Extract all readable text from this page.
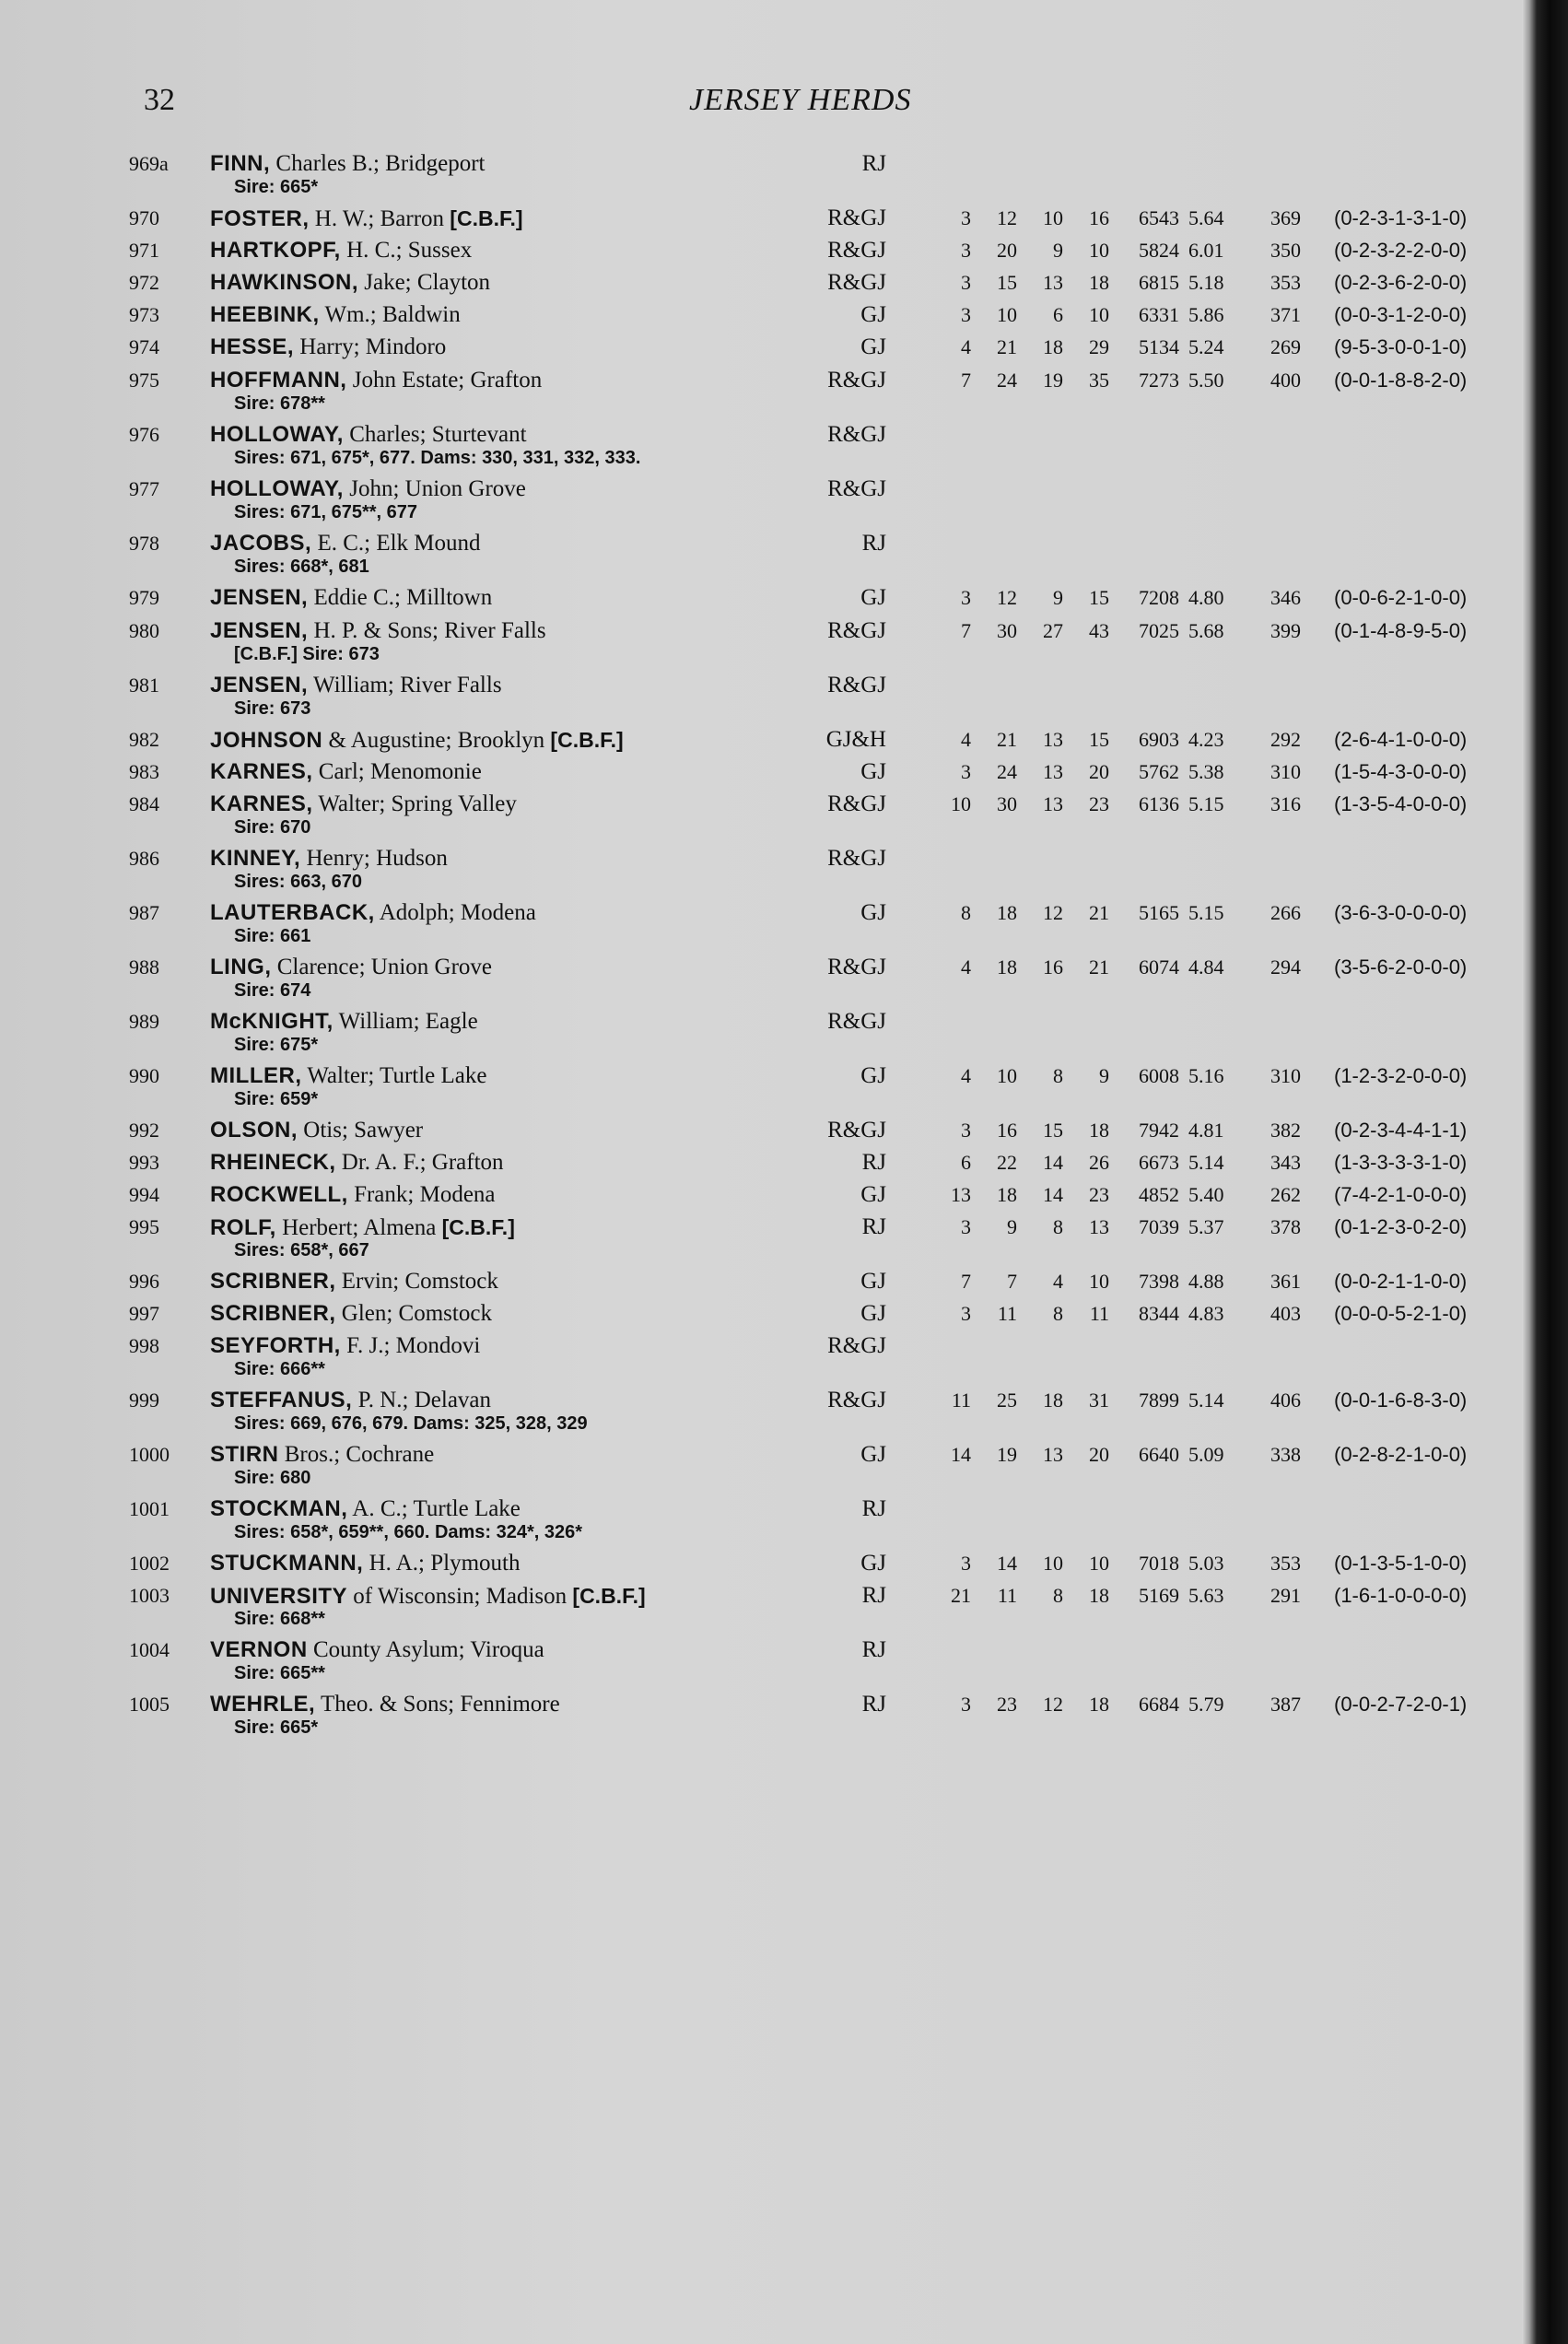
32	JERSEY HERDS
969a	FINN, Charles B.; Bridgeport	RJ
Sire: 665*
970	FOSTER, H. W.; Barron [C.B.F.]	R&GJ	3	12	10	16	6543 5.64	369 (0-2-3-1-3-1-0)
971	HARTKOPF, H. C.; Sussex	R&GJ	3	20	9	10	5824 6.01	350 (0-2-3-2-2-0-0)
972	HAWKINSON, Jake; Clayton	R&GJ	3	15	13	18	6815 5.18	353 (0-2-3-6-2-0-0)
973	HEEBINK, Wm.; Baldwin	GJ	3	10	6	10	6331 5.86	371 (0-0-3-1-2-0-0)
974	HESSE, Harry; Mindoro	GJ	4	21	18	29	5134 5.24	269 (9-5-3-0-0-1-0)
975	HOFFMANN, John Estate; Grafton	R&GJ	7	24	19	35	7273 5.50	400 (0-0-1-8-8-2-0)
Sire: 678**
976	HOLLOWAY, Charles; Sturtevant	R&GJ
Sires: 671, 675*, 677. Dams: 330, 331, 332, 333.
977	HOLLOWAY, John; Union Grove	R&GJ
Sires: 671, 675**, 677
978	JACOBS, E. C.; Elk Mound	RJ
Sires: 668*, 681
979	JENSEN, Eddie C.; Milltown	GJ	3	12	9	15	7208 4.80	346 (0-0-6-2-1-0-0)
980	JENSEN, H. P. & Sons; River Falls	R&GJ	7	30	27	43	7025 5.68	399 (0-1-4-8-9-5-0)
[C.B.F.] Sire: 673
981	JENSEN, William; River Falls	R&GJ
Sire: 673
982	JOHNSON & Augustine; Brooklyn [C.B.F.]	GJ&H	4	21	13	15	6903 4.23	292 (2-6-4-1-0-0-0)
983	KARNES, Carl; Menomonie	GJ	3	24	13	20	5762 5.38	310 (1-5-4-3-0-0-0)
984	KARNES, Walter; Spring Valley	R&GJ	10	30	13	23	6136 5.15	316 (1-3-5-4-0-0-0)
Sire: 670
986	KINNEY, Henry; Hudson	R&GJ
Sires: 663, 670
987	LAUTERBACK, Adolph; Modena	GJ	8	18	12	21	5165 5.15	266 (3-6-3-0-0-0-0)
Sire: 661
988	LING, Clarence; Union Grove	R&GJ	4	18	16	21	6074 4.84	294 (3-5-6-2-0-0-0)
Sire: 674
989	McKNIGHT, William; Eagle	R&GJ
Sire: 675*
990	MILLER, Walter; Turtle Lake	GJ	4	10	8	9	6008 5.16	310 (1-2-3-2-0-0-0)
Sire: 659*
992	OLSON, Otis; Sawyer	R&GJ	3	16	15	18	7942 4.81	382 (0-2-3-4-4-1-1)
993	RHEINECK, Dr. A. F.; Grafton	RJ	6	22	14	26	6673 5.14	343 (1-3-3-3-3-1-0)
994	ROCKWELL, Frank; Modena	GJ	13	18	14	23	4852 5.40	262 (7-4-2-1-0-0-0)
995	ROLF, Herbert; Almena [C.B.F.]	RJ	3	9	8	13	7039 5.37	378 (0-1-2-3-0-2-0)
Sires: 658*, 667
996	SCRIBNER, Ervin; Comstock	GJ	7	7	4	10	7398 4.88	361 (0-0-2-1-1-0-0)
997	SCRIBNER, Glen; Comstock	GJ	3	11	8	11	8344 4.83	403 (0-0-0-5-2-1-0)
998	SEYFORTH, F. J.; Mondovi	R&GJ
Sire: 666**
999	STEFFANUS, P. N.; Delavan	R&GJ	11	25	18	31	7899 5.14	406 (0-0-1-6-8-3-0)
Sires: 669, 676, 679. Dams: 325, 328, 329
1000	STIRN Bros.; Cochrane	GJ	14	19	13	20	6640 5.09	338 (0-2-8-2-1-0-0)
Sire: 680
1001	STOCKMAN, A. C.; Turtle Lake	RJ
Sires: 658*, 659**, 660. Dams: 324*, 326*
1002	STUCKMANN, H. A.; Plymouth	GJ	3	14	10	10	7018 5.03	353 (0-1-3-5-1-0-0)
1003	UNIVERSITY of Wisconsin; Madison [C.B.F.]	RJ	21	11	8	18	5169 5.63	291 (1-6-1-0-0-0-0)
Sire: 668**
1004	VERNON County Asylum; Viroqua	RJ
Sire: 665**
1005	WEHRLE, Theo. & Sons; Fennimore	RJ	3	23	12	18	6684 5.79	387 (0-0-2-7-2-0-1)
Sire: 665*
